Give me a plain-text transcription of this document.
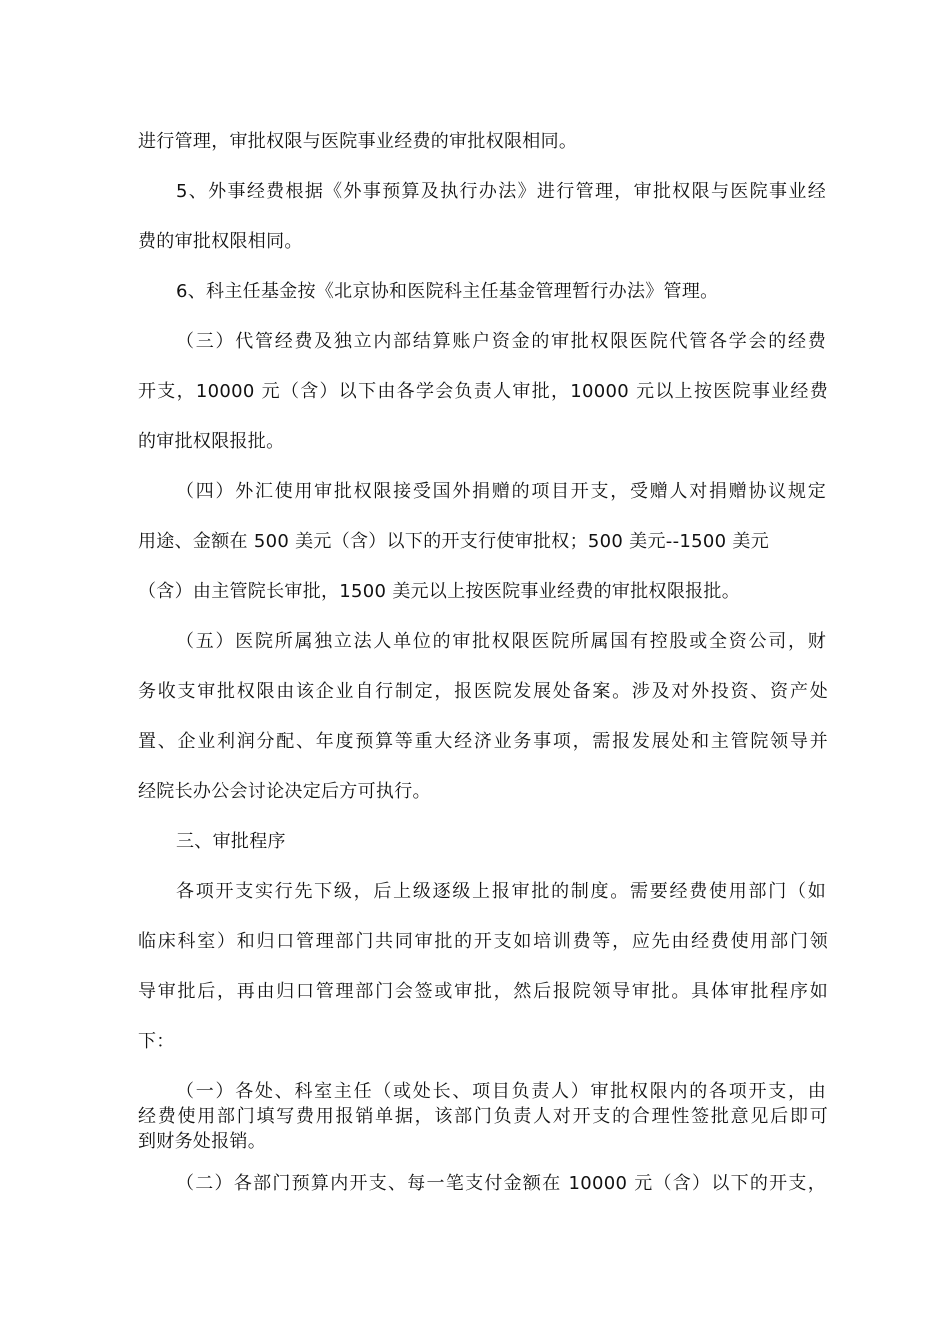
进行管理，审批权限与医院事业经费的审批权限相同。
5、外事经费根据《外事预算及执行办法》进行管理，审批权限与医院事业经
费的审批权限相同。
6、科主任基金按《北京协和医院科主任基金管理暂行办法》管理。
（三）代管经费及独立内部结算账户资金的审批权限医院代管各学会的经费
开支，10000 元（含）以下由各学会负责人审批，10000 元以上按医院事业经费
的审批权限报批。
（四）外汇使用审批权限接受国外捐赠的项目开支，受赠人对捐赠协议规定
用途、金额在 500 美元（含）以下的开支行使审批权；500 美元--1500 美元
（含）由主管院长审批，1500 美元以上按医院事业经费的审批权限报批。
（五）医院所属独立法人单位的审批权限医院所属国有控股或全资公司，财
务收支审批权限由该企业自行制定，报医院发展处备案。涉及对外投资、资产处
置、企业利润分配、年度预算等重大经济业务事项，需报发展处和主管院领导并
经院长办公会讨论决定后方可执行。
三、审批程序
各项开支实行先下级，后上级逐级上报审批的制度。需要经费使用部门（如
临床科室）和归口管理部门共同审批的开支如培训费等，应先由经费使用部门领
导审批后，再由归口管理部门会签或审批，然后报院领导审批。具体审批程序如
下：
（一）各处、科室主任（或处长、项目负责人）审批权限内的各项开支，由
经费使用部门填写费用报销单据，该部门负责人对开支的合理性签批意见后即可
到财务处报销。
（二）各部门预算内开支、每一笔支付金额在 10000 元（含）以下的开支，
